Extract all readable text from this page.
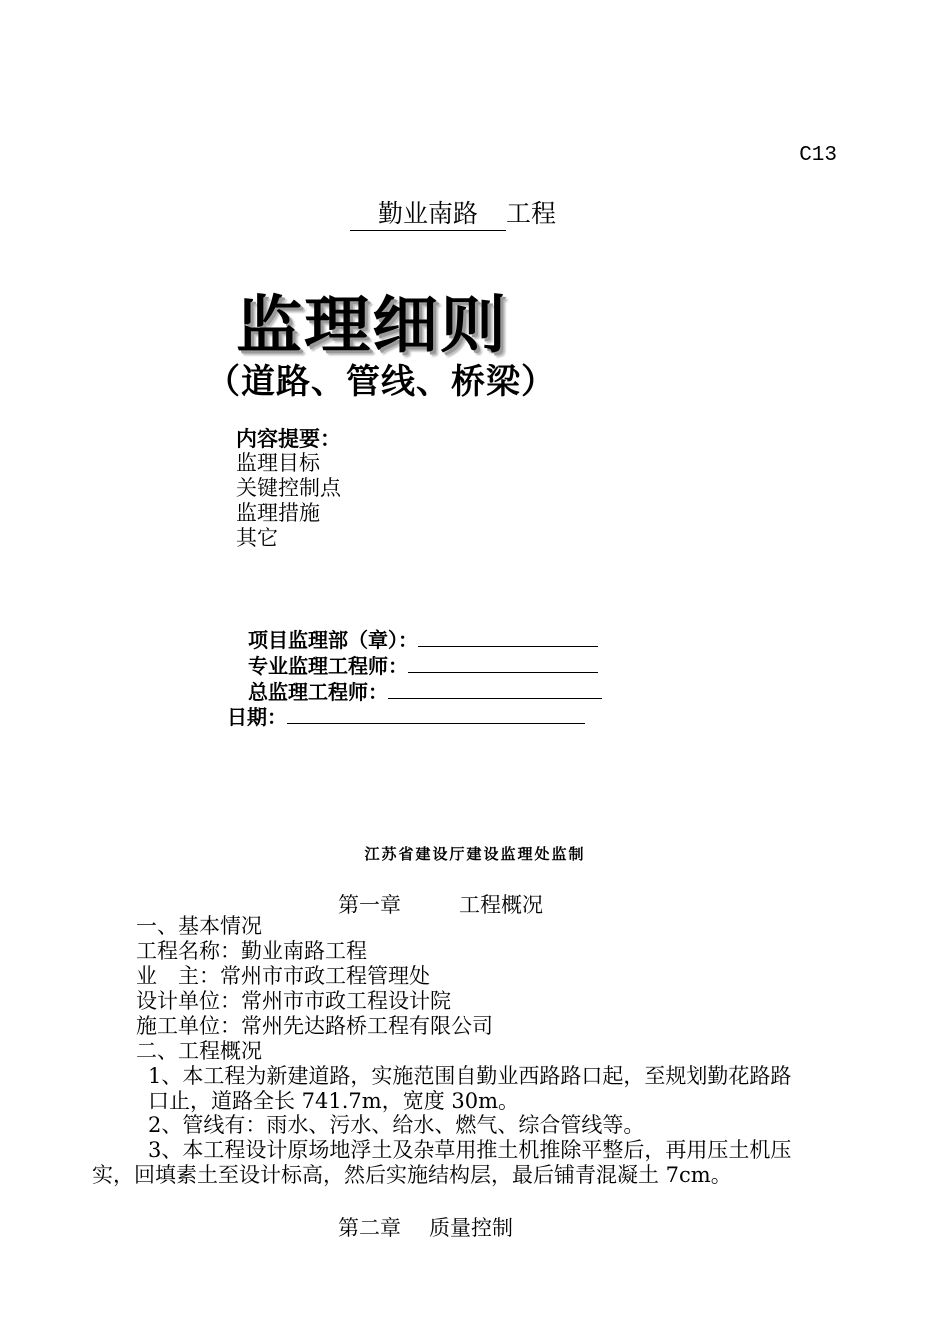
C13
勤业南路 工程
监理细则
（道路、管线、桥梁）
内容提要：
监理目标
关键控制点
监理措施
其它
项目监理部（章）：
专业监理工程师：
总监理工程师：
日期：
江苏省建设厅建设监理处监制
第一章	工程概况
一、基本情况
工程名称：勤业南路工程
业　主：常州市市政工程管理处
设计单位：常州市市政工程设计院
施工单位：常州先达路桥工程有限公司
二、工程概况
1、本工程为新建道路，实施范围自勤业西路路口起，至规划勤花路路
口止，道路全长 741.7m，宽度 30m。
2、管线有：雨水、污水、给水、燃气、综合管线等。
3、本工程设计原场地浮土及杂草用推土机推除平整后，再用压土机压
实，回填素土至设计标高，然后实施结构层，最后铺青混凝土 7cm。
第二章 质量控制
